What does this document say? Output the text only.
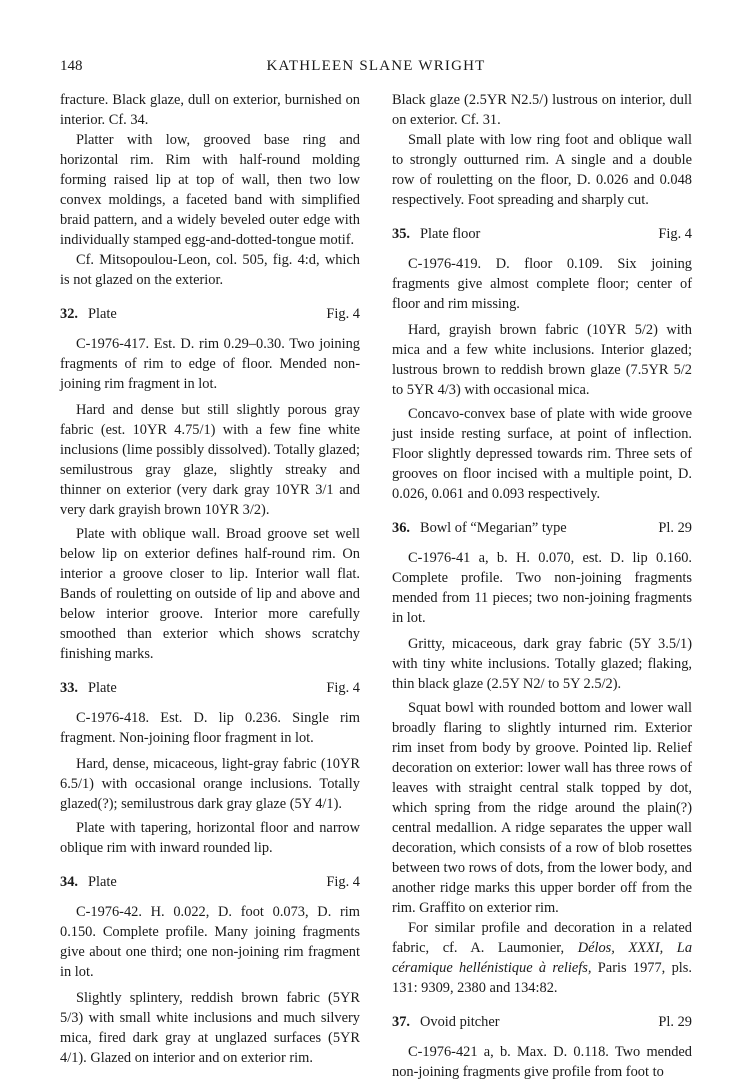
148	KATHLEEN SLANE WRIGHT

fracture. Black glaze, dull on exterior, burnished on interior. Cf. 34.

Platter with low, grooved base ring and horizontal rim. Rim with half-round molding forming raised lip at top of wall, then two low convex moldings, a faceted band with simplified braid pattern, and a widely beveled outer edge with individually stamped egg-and-dotted-tongue motif.

Cf. Mitsopoulou-Leon, col. 505, fig. 4:d, which is not glazed on the exterior.

32. Plate	Fig. 4

C-1976-417. Est. D. rim 0.29–0.30. Two joining fragments of rim to edge of floor. Mended non-joining rim fragment in lot.

Hard and dense but still slightly porous gray fabric (est. 10YR 4.75/1) with a few fine white inclusions (lime possibly dissolved). Totally glazed; semilustrous gray glaze, slightly streaky and thinner on exterior (very dark gray 10YR 3/1 and very dark grayish brown 10YR 3/2).

Plate with oblique wall. Broad groove set well below lip on exterior defines half-round rim. On interior a groove closer to lip. Interior wall flat. Bands of rouletting on outside of lip and above and below interior groove. Interior more carefully smoothed than exterior which shows scratchy finishing marks.

33. Plate	Fig. 4

C-1976-418. Est. D. lip 0.236. Single rim fragment. Non-joining floor fragment in lot.

Hard, dense, micaceous, light-gray fabric (10YR 6.5/1) with occasional orange inclusions. Totally glazed(?); semilustrous dark gray glaze (5Y 4/1).

Plate with tapering, horizontal floor and narrow oblique rim with inward rounded lip.

34. Plate	Fig. 4

C-1976-42. H. 0.022, D. foot 0.073, D. rim 0.150. Complete profile. Many joining fragments give about one third; one non-joining rim fragment in lot.

Slightly splintery, reddish brown fabric (5YR 5/3) with small white inclusions and much silvery mica, fired dark gray at unglazed surfaces (5YR 4/1). Glazed on interior and on exterior rim.

Black glaze (2.5YR N2.5/) lustrous on interior, dull on exterior. Cf. 31.

Small plate with low ring foot and oblique wall to strongly outturned rim. A single and a double row of rouletting on the floor, D. 0.026 and 0.048 respectively. Foot spreading and sharply cut.

35. Plate floor	Fig. 4

C-1976-419. D. floor 0.109. Six joining fragments give almost complete floor; center of floor and rim missing.

Hard, grayish brown fabric (10YR 5/2) with mica and a few white inclusions. Interior glazed; lustrous brown to reddish brown glaze (7.5YR 5/2 to 5YR 4/3) with occasional mica.

Concavo-convex base of plate with wide groove just inside resting surface, at point of inflection. Floor slightly depressed towards rim. Three sets of grooves on floor incised with a multiple point, D. 0.026, 0.061 and 0.093 respectively.

36. Bowl of “Megarian” type	Pl. 29

C-1976-41 a, b. H. 0.070, est. D. lip 0.160. Complete profile. Two non-joining fragments mended from 11 pieces; two non-joining fragments in lot.

Gritty, micaceous, dark gray fabric (5Y 3.5/1) with tiny white inclusions. Totally glazed; flaking, thin black glaze (2.5Y N2/ to 5Y 2.5/2).

Squat bowl with rounded bottom and lower wall broadly flaring to slightly inturned rim. Exterior rim inset from body by groove. Pointed lip. Relief decoration on exterior: lower wall has three rows of leaves with straight central stalk topped by dot, which spring from the ridge around the plain(?) central medallion. A ridge separates the upper wall decoration, which consists of a row of blob rosettes between two rows of dots, from the lower body, and another ridge marks this upper border off from the rim. Graffito on exterior rim.

For similar profile and decoration in a related fabric, cf. A. Laumonier, Délos, XXXI, La céramique hellénistique à reliefs, Paris 1977, pls. 131: 9309, 2380 and 134:82.

37. Ovoid pitcher	Pl. 29

C-1976-421 a, b. Max. D. 0.118. Two mended non-joining fragments give profile from foot to
